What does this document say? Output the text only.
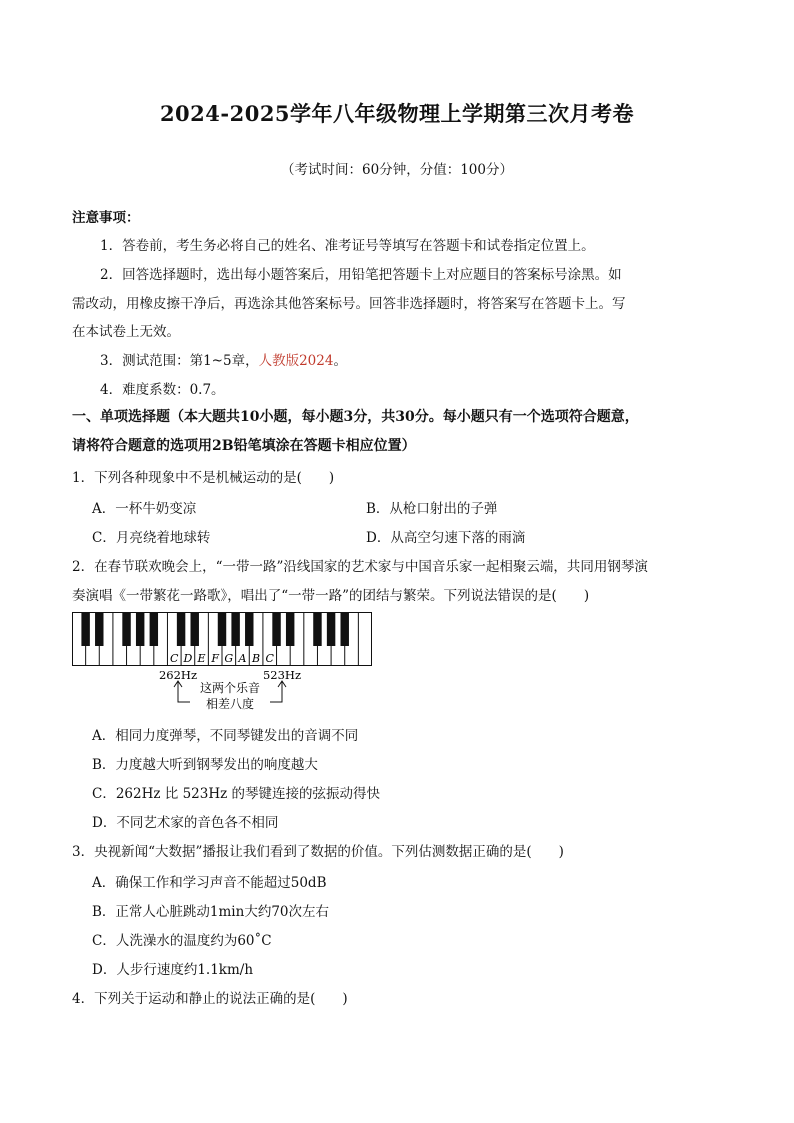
2024-2025学年八年级物理上学期第三次月考卷
（考试时间：60分钟，分值：100分）
注意事项：
1．答卷前，考生务必将自己的姓名、准考证号等填写在答题卡和试卷指定位置上。
2．回答选择题时，选出每小题答案后，用铅笔把答题卡上对应题目的答案标号涂黑。如
需改动，用橡皮擦干净后，再选涂其他答案标号。回答非选择题时，将答案写在答题卡上。写
在本试卷上无效。
3．测试范围：第1~5章，人教版2024。
4．难度系数：0.7。
一、单项选择题（本大题共10小题，每小题3分，共30分。每小题只有一个选项符合题意，
请将符合题意的选项用2B铅笔填涂在答题卡相应位置）
1．下列各种现象中不是机械运动的是(　　)
A．一杯牛奶变凉	B．从枪口射出的子弹
C．月亮绕着地球转	D．从高空匀速下落的雨滴
2．在春节联欢晚会上，“一带一路”沿线国家的艺术家与中国音乐家一起相聚云端，共同用钢琴演
奏演唱《一带繁花一路歌》，唱出了“一带一路”的团结与繁荣。下列说法错误的是(　　)
C D E F G A B C
262Hz	523Hz
这两个乐音
相差八度
A．相同力度弹琴，不同琴键发出的音调不同
B．力度越大听到钢琴发出的响度越大
C．262Hz 比 523Hz 的琴键连接的弦振动得快
D．不同艺术家的音色各不相同
3．央视新闻“大数据”播报让我们看到了数据的价值。下列估测数据正确的是(　　)
A．确保工作和学习声音不能超过50dB
B．正常人心脏跳动1min大约70次左右
C．人洗澡水的温度约为60˚C
D．人步行速度约1.1km/h
4．下列关于运动和静止的说法正确的是(　　)
